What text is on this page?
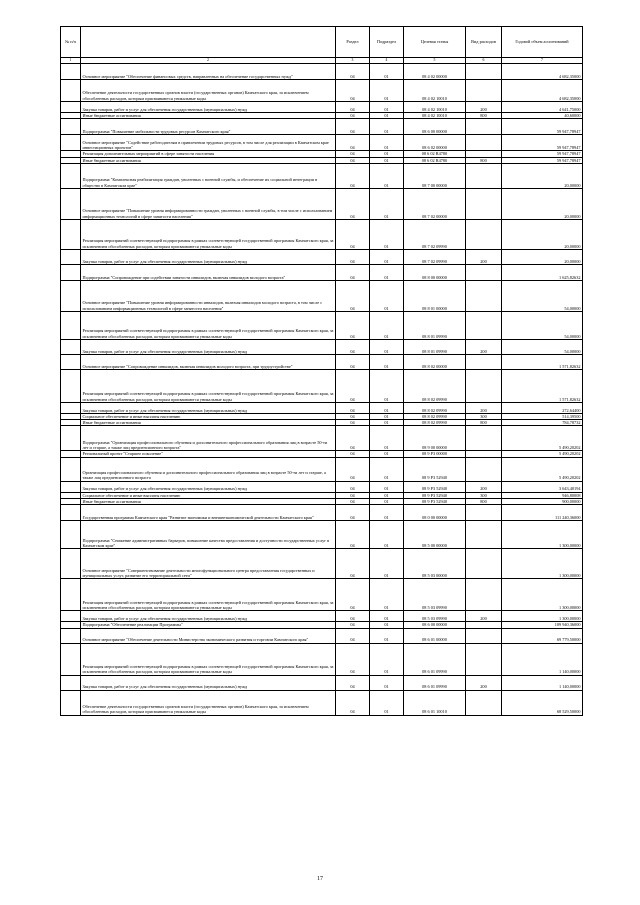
№ п/п		Раздел	Подраздел	Целевая статья	Вид расходов	Годовой объем ассигнований
1	2	3	4	5	6	7
	Основное мероприятие "Обеспечение финансовых средств, направленных на обеспечение государственных нужд"	04	01	08 4 02 00000		4 682,35000
	Обеспечение деятельности государственных органов власти (государственных органов) Камчатского края, за исключением обособленных расходов, которым присваиваются уникальные коды	04	01	08 4 02 10010		4 682,35000
	Закупка товаров, работ и услуг для обеспечения государственных (муниципальных) нужд	04	01	08 4 02 10010	200	4 641,75000
	Иные бюджетные ассигнования	04	01	08 4 02 10010	800	40,60000
	Подпрограмма "Повышение мобильности трудовых ресурсов Камчатского края"	04	01	08 6 00 00000		59 947,78947
	Основное мероприятие "Содействие работодателям в привлечении трудовых ресурсов, в том числе для реализации в Камчатском крае инвестиционных проектов"	04	01	08 6 02 00000		59 947,78947
	Реализация дополнительных мероприятий в сфере занятости населения	04	01	08 6 02 R4780		59 947,78947
	Иные бюджетные ассигнования	04	01	08 6 02 R4780	800	59 947,78947
	Подпрограмма "Комплексная реабилитация граждан, уволенных с военной службы, и обеспечение их социальной интеграции в общество в Камчатском крае"	04	01	08 7 00 00000		20,00000
	Основное мероприятие "Повышение уровня информированности граждан, уволенных с военной службы, в том числе с использованием информационных технологий в сфере занятости населения"	04	01	08 7 02 00000		20,00000
	Реализация мероприятий соответствующей подпрограммы в рамках соответствующей государственной программы Камчатского края, за исключением обособленных расходов, которым присваиваются уникальные коды	04	01	08 7 02 09990		20,00000
	Закупка товаров, работ и услуг для обеспечения государственных (муниципальных) нужд	04	01	08 7 02 09990	200	20,00000
	Подпрограмма "Сопровождение при содействии занятости инвалидов, включая инвалидов молодого возраста"	04	01	08 8 00 00000		1 625,82632
	Основное мероприятие "Повышение уровня информированности инвалидов, включая инвалидов молодого возраста, в том числе с использованием информационных технологий в сфере занятости населения"	04	01	08 8 01 00000		54,00000
	Реализация мероприятий соответствующей подпрограммы в рамках соответствующей государственной программы Камчатского края, за исключением обособленных расходов, которым присваиваются уникальные коды	04	01	08 8 01 09990		54,00000
	Закупка товаров, работ и услуг для обеспечения государственных (муниципальных) нужд	04	01	08 8 01 09990	200	54,00000
	Основное мероприятие "Сопровождение инвалидов, включая инвалидов молодого возраста, при трудоустройстве"	04	01	08 8 02 00000		1 571,82632
	Реализация мероприятий соответствующей подпрограммы в рамках соответствующей государственной программы Камчатского края, за исключением обособленных расходов, которым присваиваются уникальные коды	04	01	08 8 02 09990		1 571,82632
	Закупка товаров, работ и услуг для обеспечения государственных (муниципальных) нужд	04	01	08 8 02 09990	200	272,64400
	Социальное обеспечение и иные выплаты населению	04	01	08 8 02 09990	300	514,39500
	Иные бюджетные ассигнования	04	01	08 8 02 09990	800	784,78732
	Подпрограмма "Организация профессионального обучения и дополнительного профессионального образования лиц в возрасте 50-ти лет и старше, а также лиц предпенсионного возраста"	04	01	08 9 00 00000		5 490,20202
	Региональный проект "Старшее поколение"	04	01	08 9 P3 00000		5 490,20202
	Организация профессионального обучения и дополнительного профессионального образования лиц в возрасте 50-ти лет и старше, а также лиц предпенсионного возраста	04	01	08 9 P3 52940		5 490,20202
	Закупка товаров, работ и услуг для обеспечения государственных (муниципальных) нужд	04	01	08 9 P3 52940	200	3 643,40194
	Социальное обеспечение и иные выплаты населению	04	01	08 9 P3 52940	300	946,80008
	Иные бюджетные ассигнования	04	01	08 9 P3 52940	800	900,00000
	Государственная программа Камчатского края "Развитие экономики и внешнеэкономической деятельности Камчатского края"	04	01	08 0 00 00000		111 240,36000
	Подпрограмма "Снижение административных барьеров, повышение качества предоставления и доступности государственных услуг в Камчатском крае"	04	01	08 5 00 00000		1 300,00000
	Основное мероприятие "Совершенствование деятельности многофункционального центра предоставления государственных и муниципальных услуг, развитие его территориальной сети"	04	01	08 5 03 00000		1 300,00000
	Реализация мероприятий соответствующей подпрограммы в рамках соответствующей государственной программы Камчатского края, за исключением обособленных расходов, которым присваиваются уникальные коды	04	01	08 5 03 09990		1 300,00000
	Закупка товаров, работ и услуг для обеспечения государственных (муниципальных) нужд	04	01	08 5 03 09990	200	1 300,00000
	Подпрограмма "Обеспечение реализации Программы"	04	01	08 6 00 00000		109 940,36000
	Основное мероприятие "Обеспечение деятельности Министерства экономического развития и торговли Камчатского края"	04	01	08 6 01 00000		69 779,50000
	Реализация мероприятий соответствующей подпрограммы в рамках соответствующей государственной программы Камчатского края, за исключением обособленных расходов, которым присваиваются уникальные коды	04	01	08 6 01 09990		1 140,00000
	Закупка товаров, работ и услуг для обеспечения государственных (муниципальных) нужд	04	01	08 6 01 09990	200	1 140,00000
	Обеспечение деятельности государственных органов власти (государственных органов) Камчатского края, за исключением обособленных расходов, которым присваиваются уникальные коды	04	01	08 6 01 10010		68 529,50000
17
